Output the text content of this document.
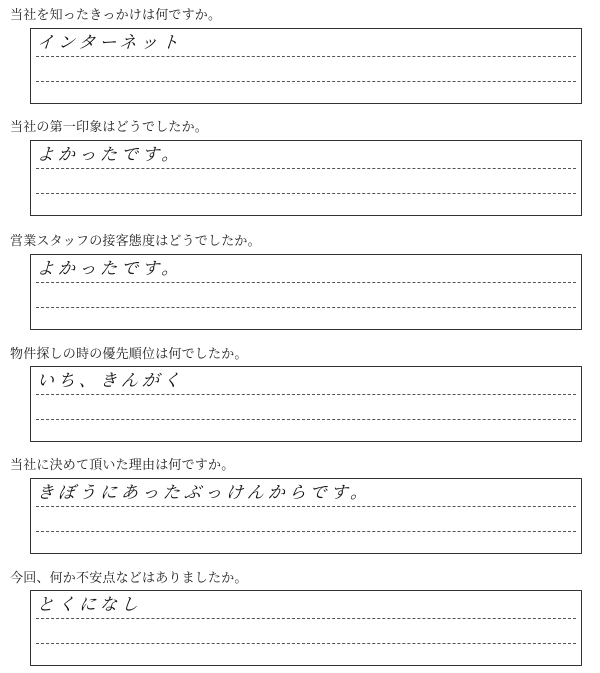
当社を知ったきっかけは何ですか。
インターネット
当社の第一印象はどうでしたか。
よかったです。
営業スタッフの接客態度はどうでしたか。
よかったです。
物件探しの時の優先順位は何でしたか。
いち、きんがく
当社に決めて頂いた理由は何ですか。
きぼうにあったぶっけんからです。
今回、何か不安点などはありましたか。
とくになし
